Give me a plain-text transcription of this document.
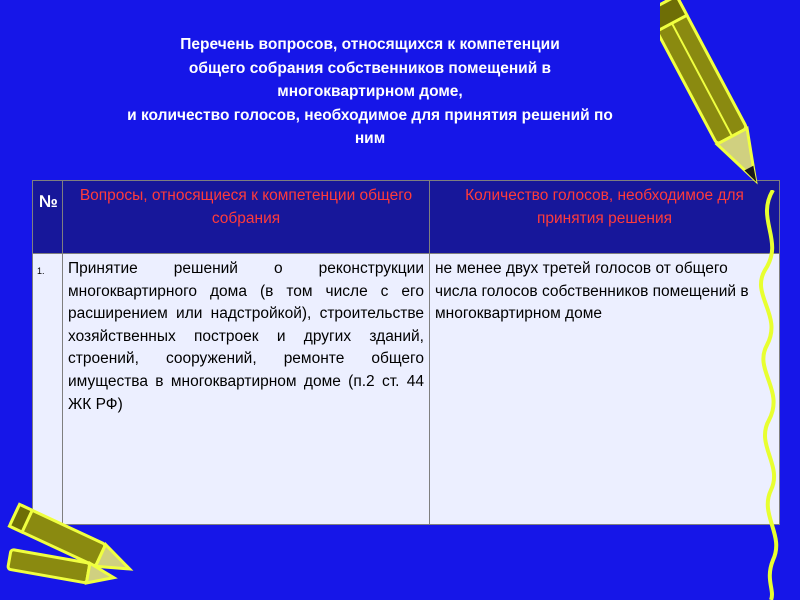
Перечень вопросов, относящихся к компетенции
общего собрания собственников помещений в
многоквартирном доме,
и количество голосов, необходимое для принятия решений по
ним
№	Вопросы, относящиеся к компетенции общего собрания	Количество голосов, необходимое для принятия решения
1.	Принятие решений о реконструкции многоквартирного дома (в том числе с его расширением или надстройкой), строительстве хозяйственных построек и других зданий, строений, сооружений, ремонте общего имущества в многоквартирном доме (п.2 ст. 44 ЖК РФ)	не менее двух третей голосов от общего числа голосов собственников помещений в многоквартирном доме
